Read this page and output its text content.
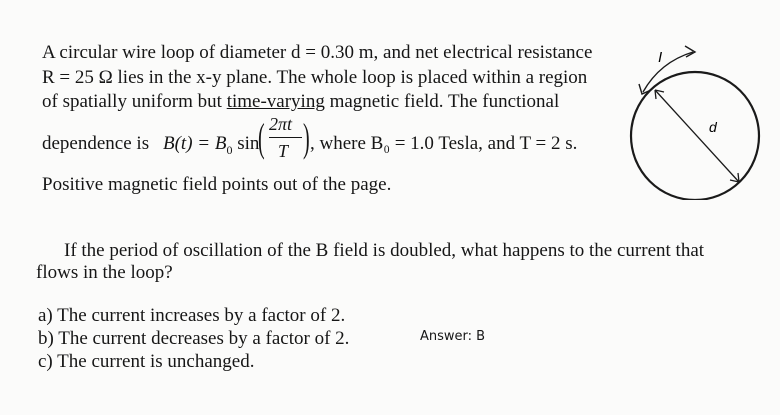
A circular wire loop of diameter d = 0.30 m, and net electrical resistance
R = 25 Ω lies in the x-y plane. The whole loop is placed within a region
of spatially uniform but time-varying magnetic field. The functional
dependence is $B(t) = B_0$ sin
( 2πt
T ) , where B₀ = 1.0 Tesla, and T = 2 s.
Positive magnetic field points out of the page.
I
d
If the period of oscillation of the B field is doubled, what happens to the current that
flows in the loop?
a) The current increases by a factor of 2.
b) The current decreases by a factor of 2.
c) The current is unchanged.
Answer: B
